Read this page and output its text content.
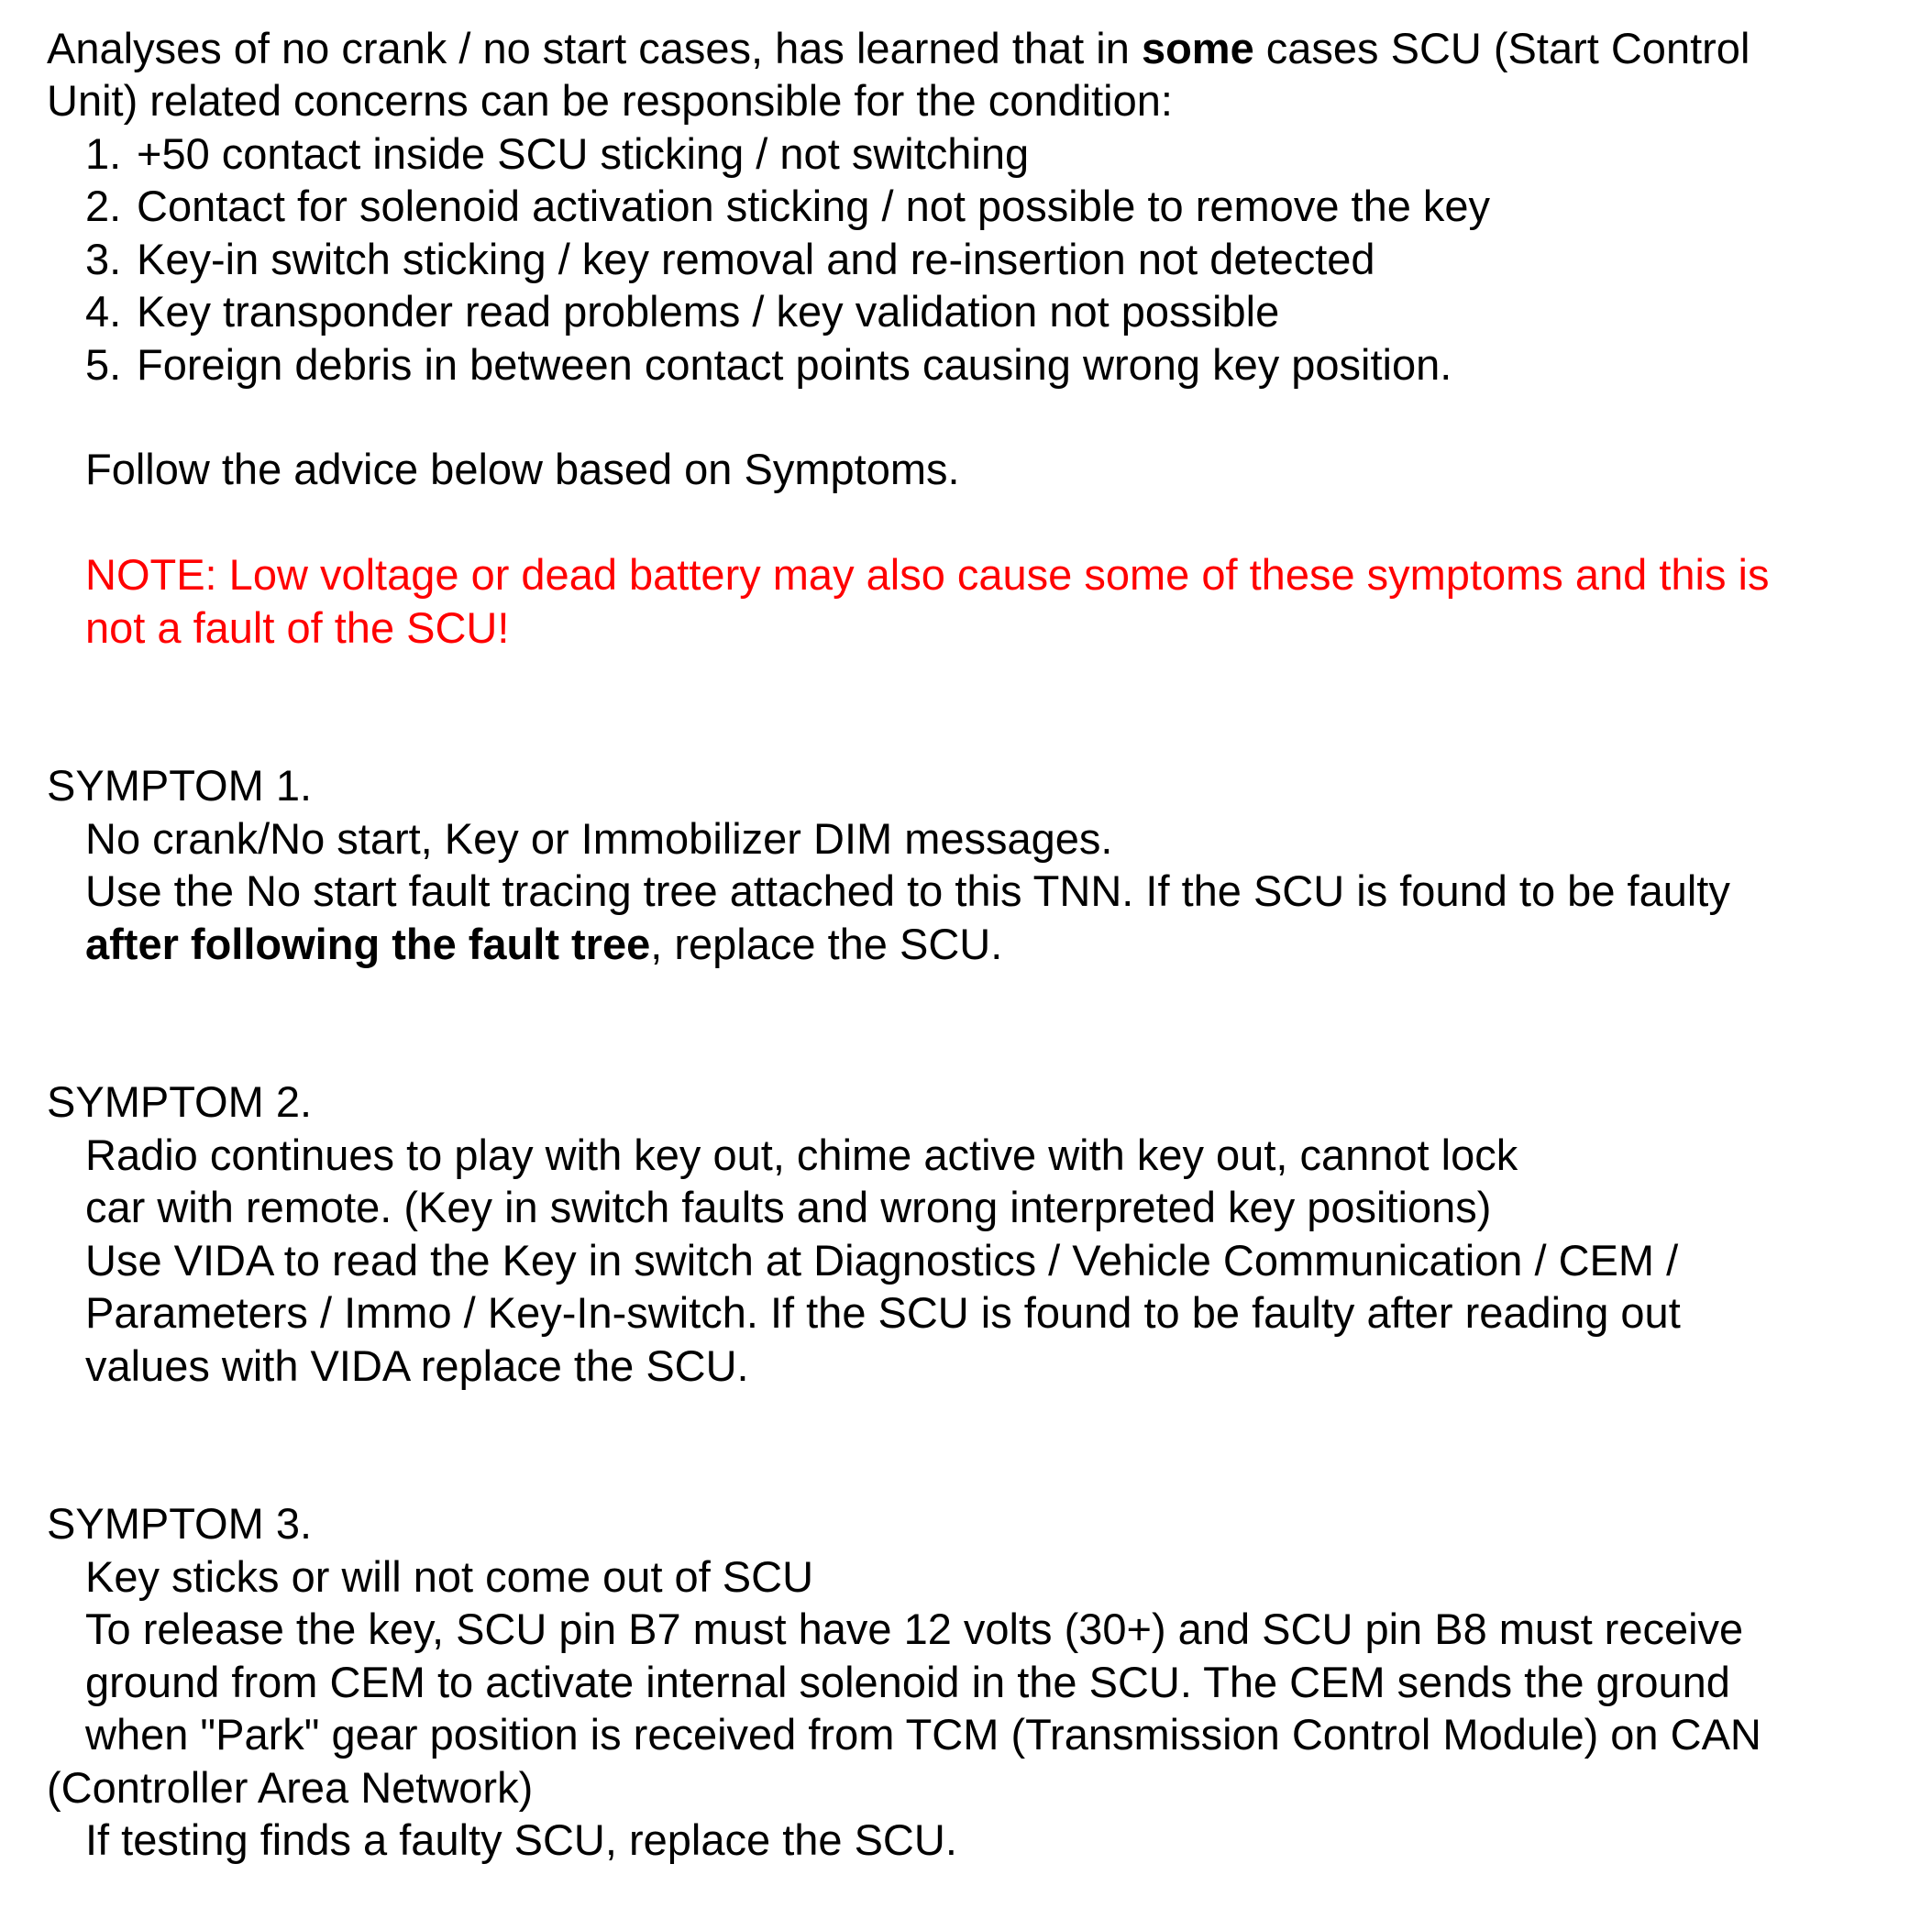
Analyses of no crank / no start cases, has learned that in some cases SCU (Start Control
Unit) related concerns can be responsible for the condition:
1. +50 contact inside SCU sticking / not switching
2. Contact for solenoid activation sticking / not possible to remove the key
3. Key-in switch sticking / key removal and re-insertion not detected
4. Key transponder read problems / key validation not possible
5. Foreign debris in between contact points causing wrong key position.
Follow the advice below based on Symptoms.
NOTE: Low voltage or dead battery may also cause some of these symptoms and this is
not a fault of the SCU!
SYMPTOM 1.
No crank/No start, Key or Immobilizer DIM messages.
Use the No start fault tracing tree attached to this TNN. If the SCU is found to be faulty
after following the fault tree, replace the SCU.
SYMPTOM 2.
Radio continues to play with key out, chime active with key out, cannot lock
car with remote. (Key in switch faults and wrong interpreted key positions)
Use VIDA to read the Key in switch at Diagnostics / Vehicle Communication / CEM /
Parameters / Immo / Key-In-switch. If the SCU is found to be faulty after reading out
values with VIDA replace the SCU.
SYMPTOM 3.
Key sticks or will not come out of SCU
To release the key, SCU pin B7 must have 12 volts (30+) and SCU pin B8 must receive
ground from CEM to activate internal solenoid in the SCU. The CEM sends the ground
when "Park" gear position is received from TCM (Transmission Control Module) on CAN
(Controller Area Network)
If testing finds a faulty SCU, replace the SCU.
